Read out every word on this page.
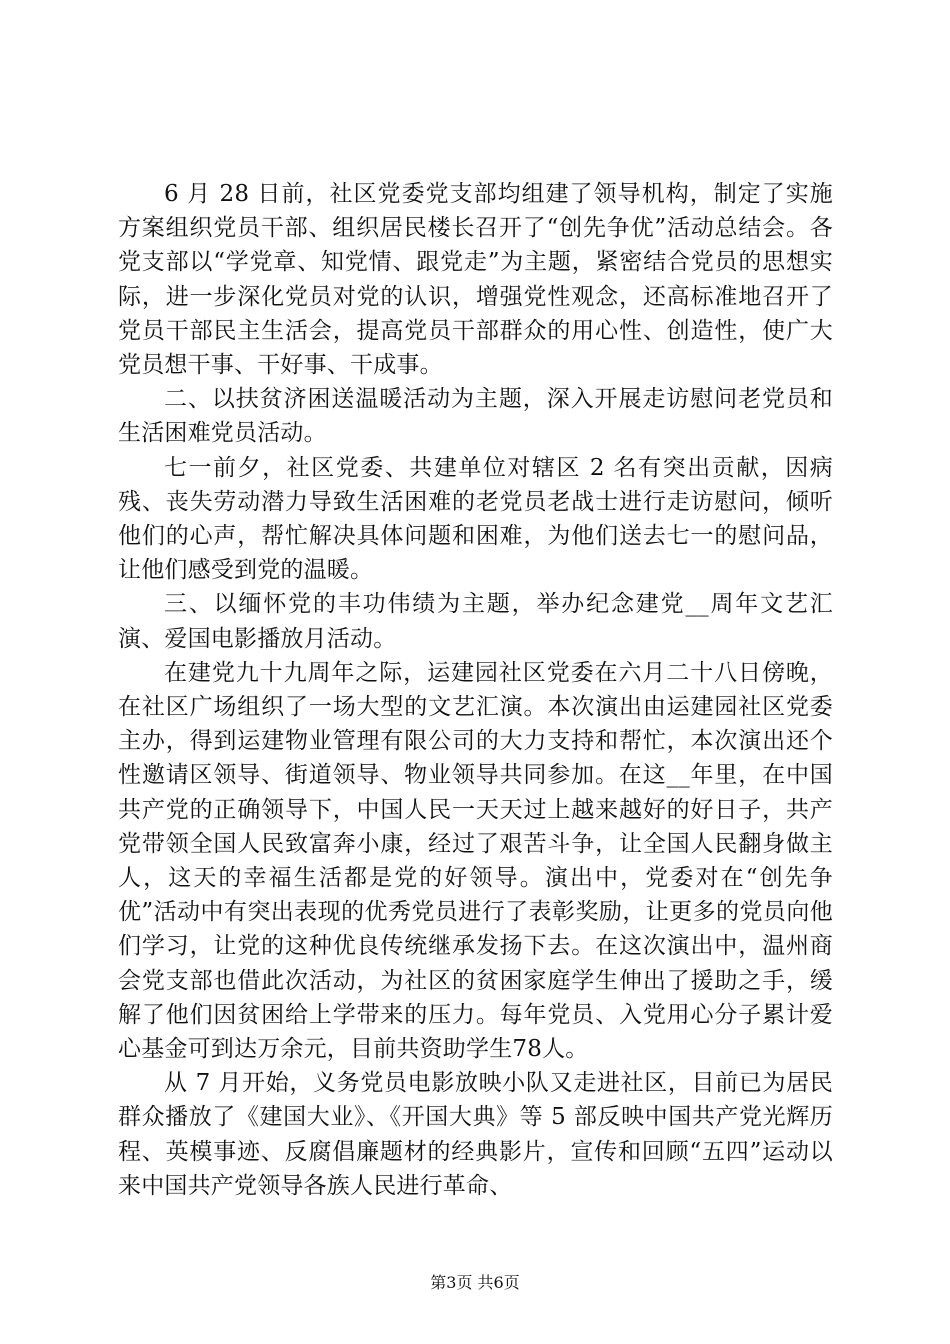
6 月 28 日前，社区党委党支部均组建了领导机构，制定了实施方案组织党员干部、组织居民楼长召开了“创先争优”活动总结会。各党支部以“学党章、知党情、跟党走”为主题，紧密结合党员的思想实际，进一步深化党员对党的认识，增强党性观念，还高标准地召开了党员干部民主生活会，提高党员干部群众的用心性、创造性，使广大党员想干事、干好事、干成事。

二、以扶贫济困送温暖活动为主题，深入开展走访慰问老党员和生活困难党员活动。

七一前夕，社区党委、共建单位对辖区 2 名有突出贡献，因病残、丧失劳动潜力导致生活困难的老党员老战士进行走访慰问，倾听他们的心声，帮忙解决具体问题和困难，为他们送去七一的慰问品，让他们感受到党的温暖。

三、以缅怀党的丰功伟绩为主题，举办纪念建党__周年文艺汇演、爱国电影播放月活动。

在建党九十九周年之际，运建园社区党委在六月二十八日傍晚，在社区广场组织了一场大型的文艺汇演。本次演出由运建园社区党委主办，得到运建物业管理有限公司的大力支持和帮忙，本次演出还个性邀请区领导、街道领导、物业领导共同参加。在这__年里，在中国共产党的正确领导下，中国人民一天天过上越来越好的好日子，共产党带领全国人民致富奔小康，经过了艰苦斗争，让全国人民翻身做主人，这天的幸福生活都是党的好领导。演出中，党委对在“创先争优”活动中有突出表现的优秀党员进行了表彰奖励，让更多的党员向他们学习，让党的这种优良传统继承发扬下去。在这次演出中，温州商会党支部也借此次活动，为社区的贫困家庭学生伸出了援助之手，缓解了他们因贫困给上学带来的压力。每年党员、入党用心分子累计爱心基金可到达万余元，目前共资助学生78人。

从 7 月开始，义务党员电影放映小队又走进社区，目前已为居民群众播放了《建国大业》、《开国大典》等 5 部反映中国共产党光辉历程、英模事迹、反腐倡廉题材的经典影片，宣传和回顾“五四”运动以来中国共产党领导各族人民进行革命、

第3页 共6页
